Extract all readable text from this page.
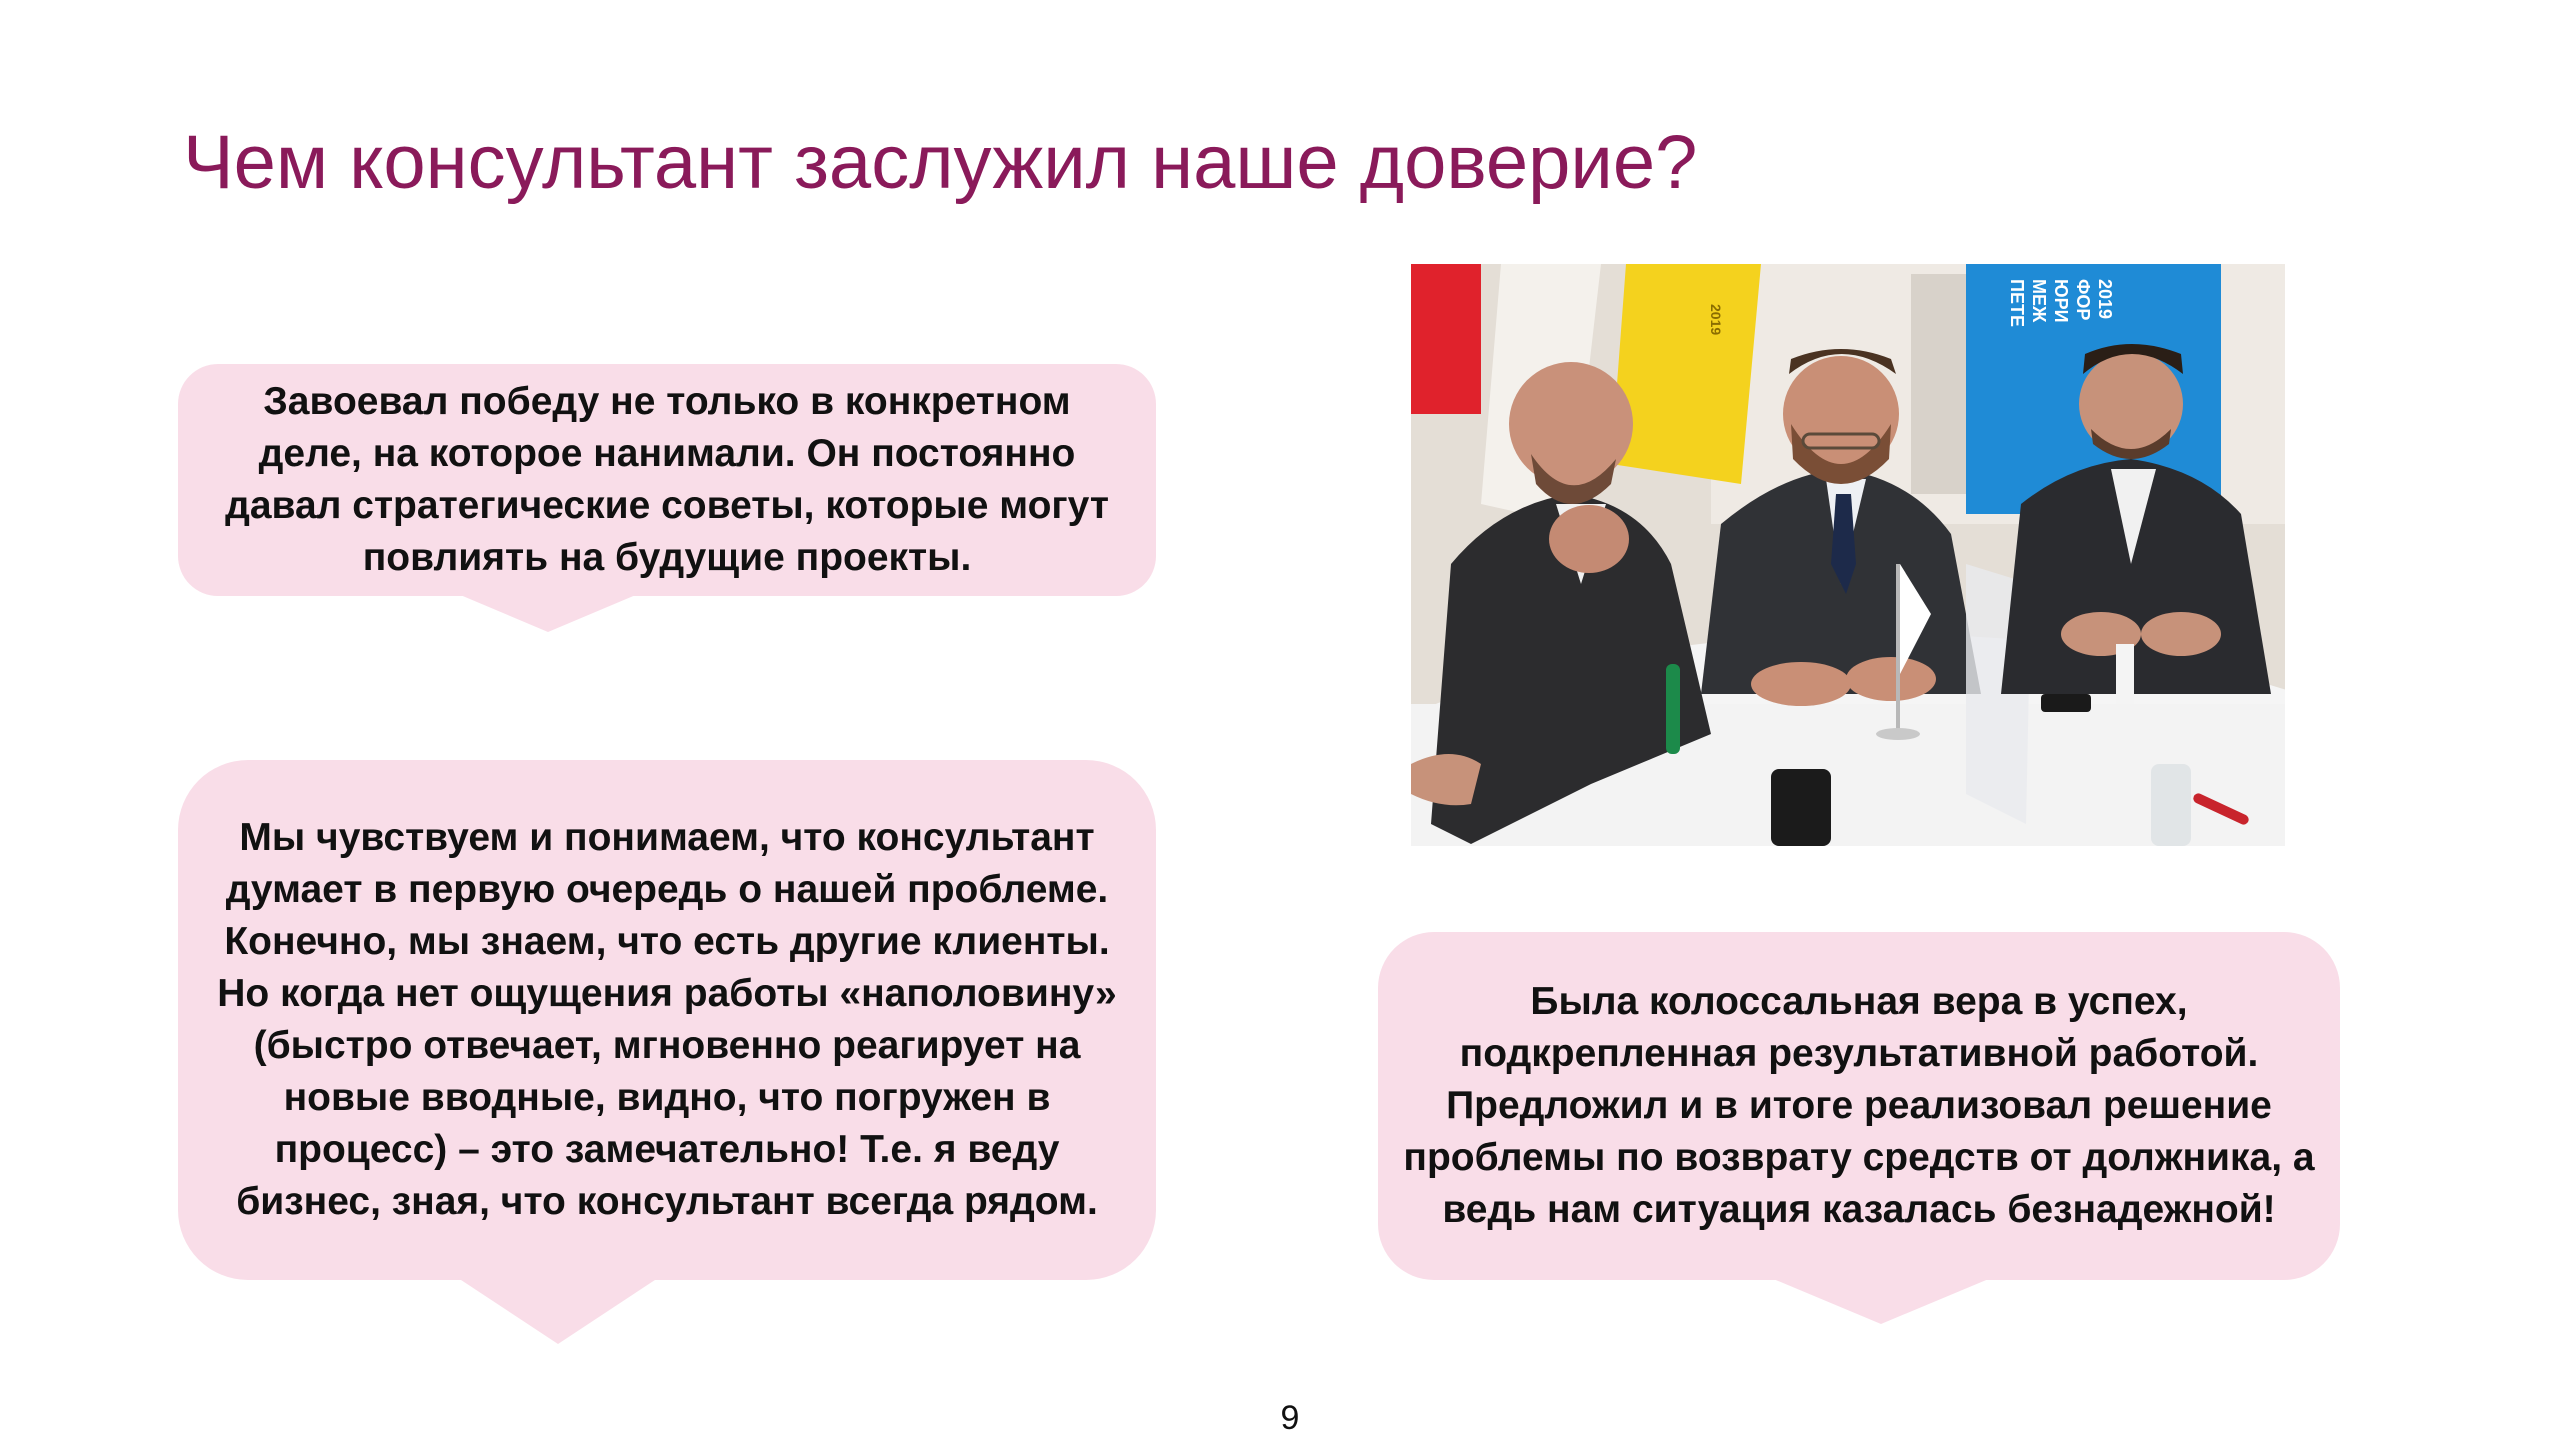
Чем консультант заслужил наше доверие?
Завоевал победу не только в конкретном деле, на которое нанимали. Он постоянно давал стратегические советы, которые могут повлиять на будущие проекты.
Мы чувствуем и понимаем, что консультант думает в первую очередь о нашей проблеме. Конечно, мы знаем, что есть другие клиенты. Но когда нет ощущения работы «наполовину» (быстро отвечает, мгновенно реагирует на новые вводные, видно, что погружен в процесс) – это замечательно! Т.е. я веду бизнес, зная, что консультант всегда рядом.
Была колоссальная вера в успех, подкрепленная результативной работой. Предложил и в итоге реализовал решение проблемы по возврату средств от должника, а ведь нам ситуация казалась безнадежной!
2019	ПЕТЕ МЕЖ ЮРИ ФОР 2019
9
